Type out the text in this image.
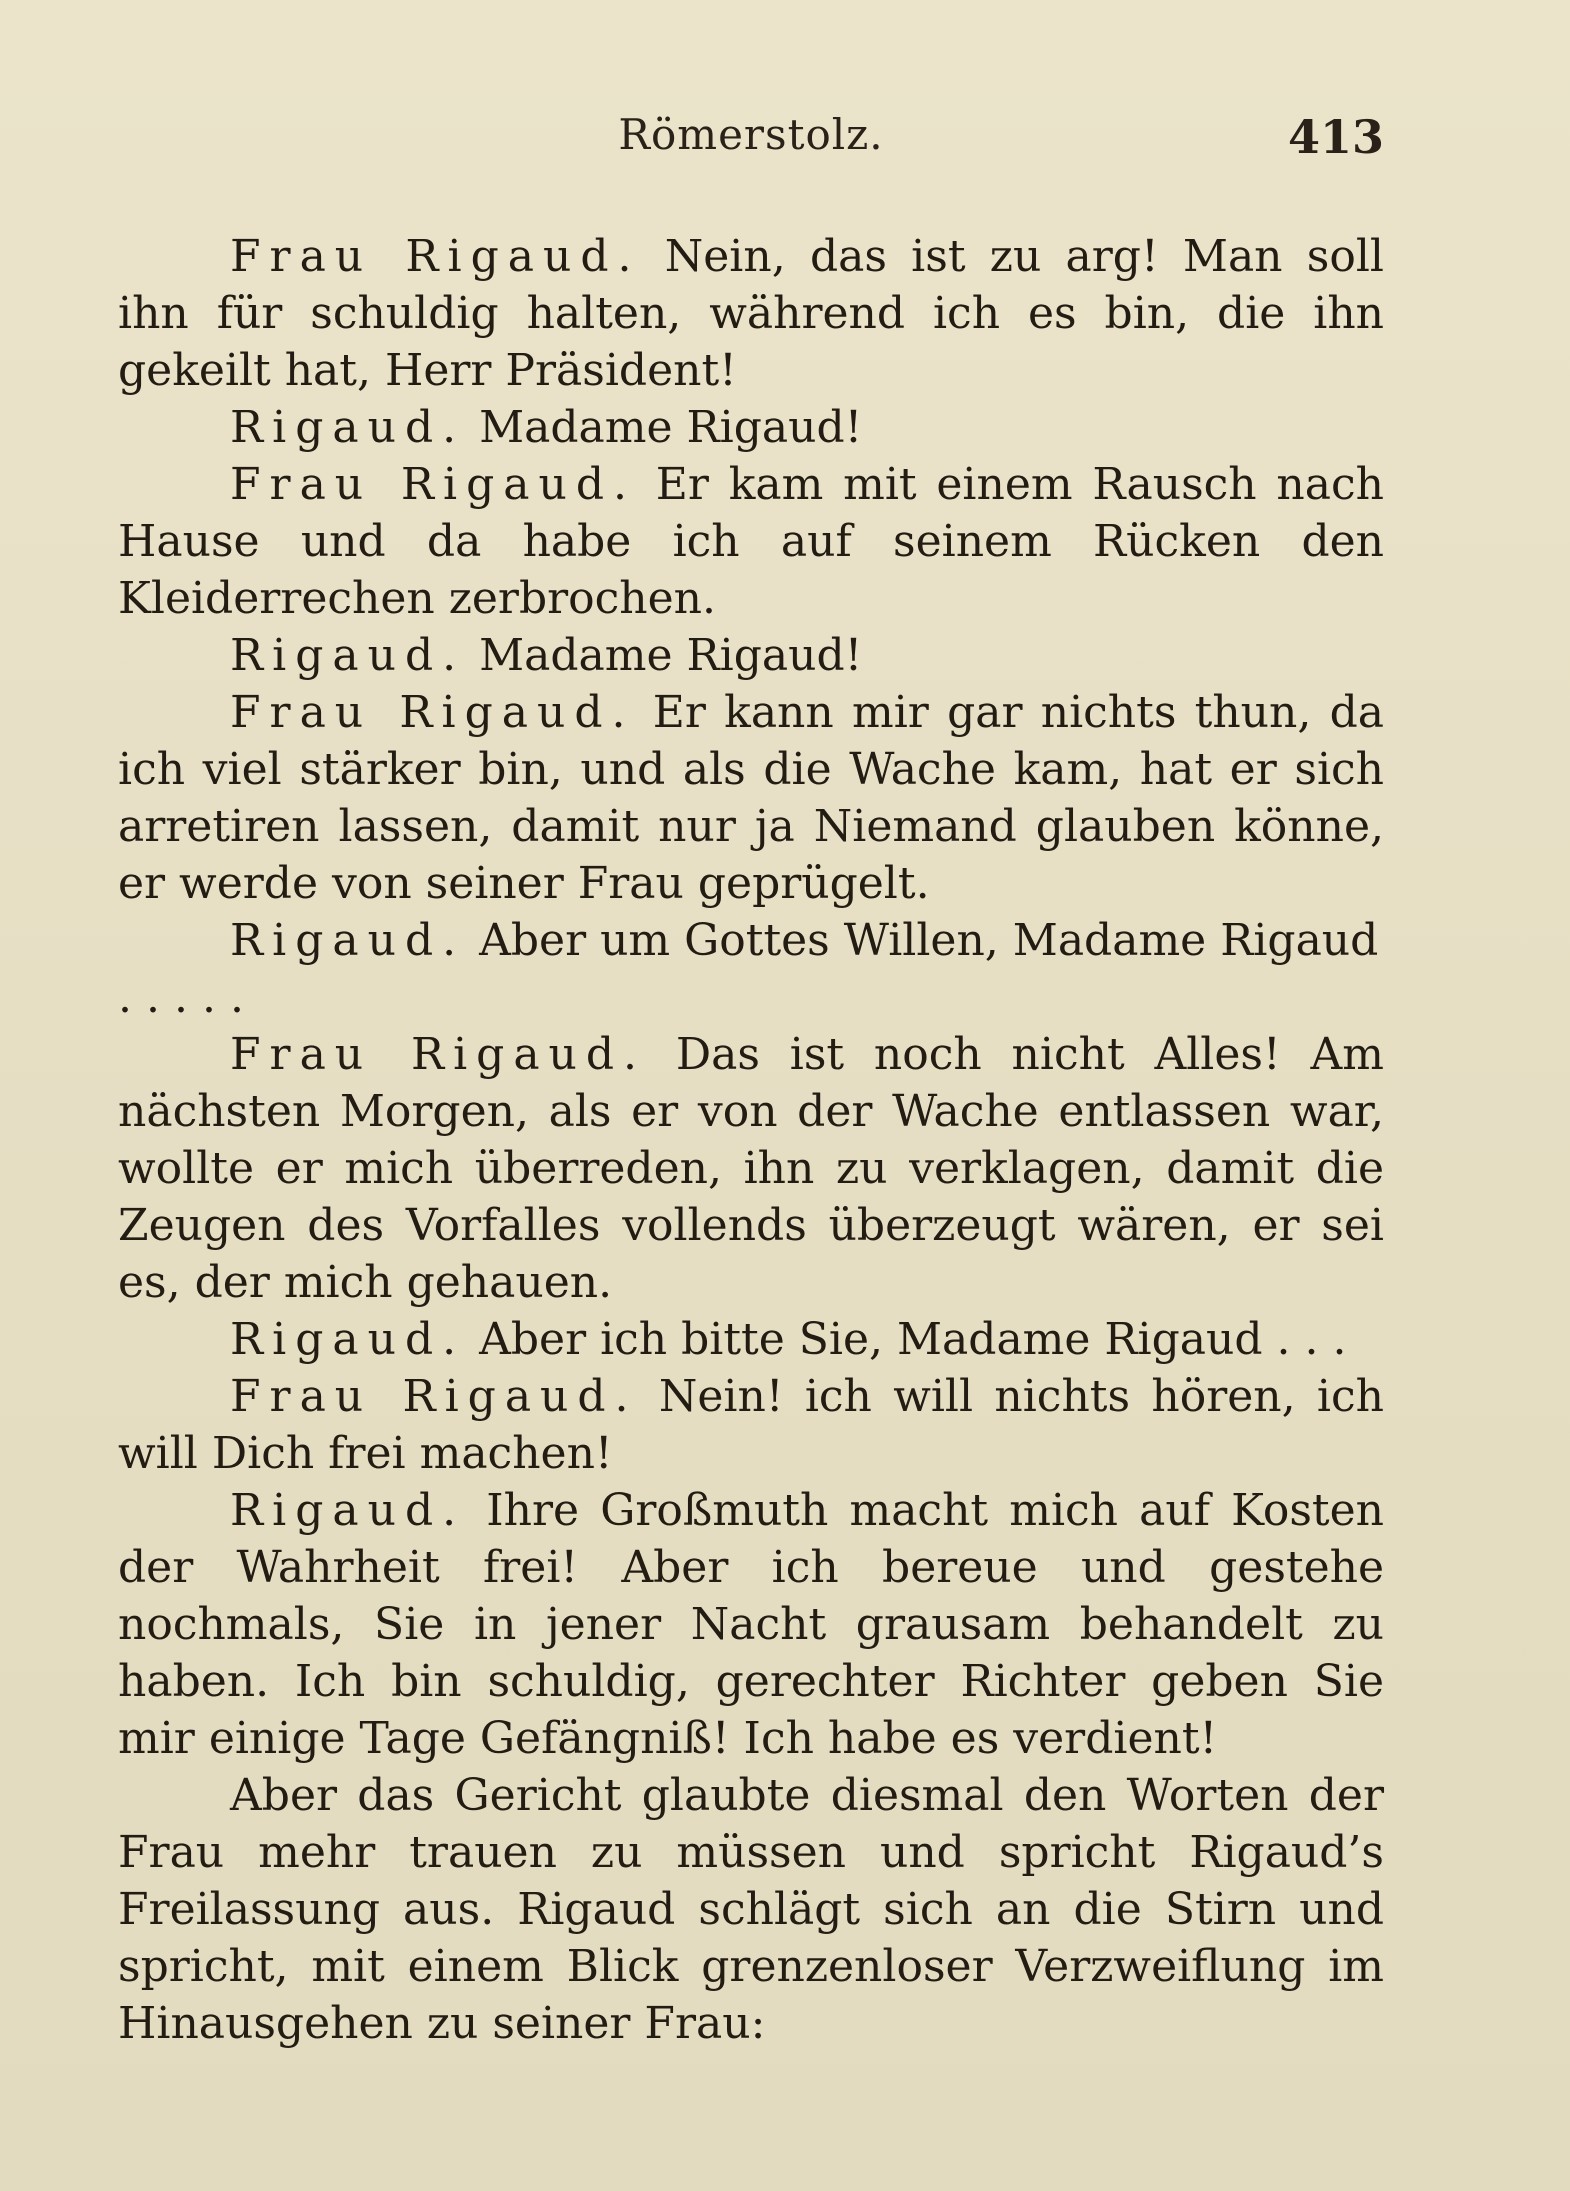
Römerstolz.	413

Frau Rigaud. Nein, das ist zu arg! Man soll ihn für schuldig halten, während ich es bin, die ihn gekeilt hat, Herr Präsident!

Rigaud. Madame Rigaud!

Frau Rigaud. Er kam mit einem Rausch nach Hause und da habe ich auf seinem Rücken den Kleiderrechen zerbrochen.

Rigaud. Madame Rigaud!

Frau Rigaud. Er kann mir gar nichts thun, da ich viel stärker bin, und als die Wache kam, hat er sich arretiren lassen, damit nur ja Niemand glauben könne, er werde von seiner Frau geprügelt.

Rigaud. Aber um Gottes Willen, Madame Rigaud

.....

Frau Rigaud. Das ist noch nicht Alles! Am nächsten Morgen, als er von der Wache entlassen war, wollte er mich überreden, ihn zu verklagen, damit die Zeugen des Vorfalles vollends überzeugt wären, er sei es, der mich gehauen.

Rigaud. Aber ich bitte Sie, Madame Rigaud . . .

Frau Rigaud. Nein! ich will nichts hören, ich will Dich frei machen!

Rigaud. Ihre Großmuth macht mich auf Kosten der Wahrheit frei! Aber ich bereue und gestehe nochmals, Sie in jener Nacht grausam behandelt zu haben. Ich bin schuldig, gerechter Richter geben Sie mir einige Tage Gefängniß! Ich habe es verdient!

Aber das Gericht glaubte diesmal den Worten der Frau mehr trauen zu müssen und spricht Rigaud’s Freilassung aus. Rigaud schlägt sich an die Stirn und spricht, mit einem Blick grenzenloser Verzweiflung im Hinausgehen zu seiner Frau:
